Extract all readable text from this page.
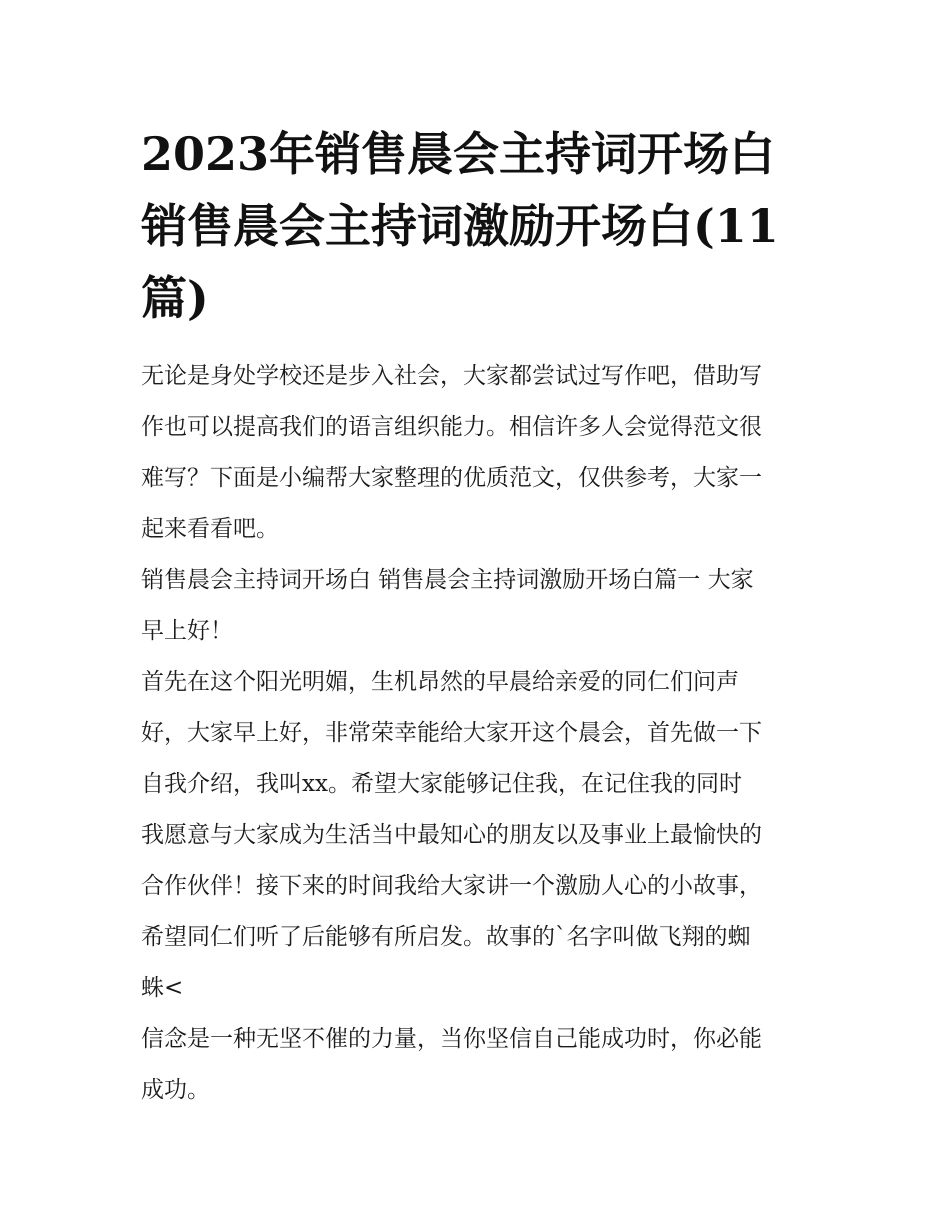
2023年销售晨会主持词开场白
销售晨会主持词激励开场白(11
篇)

无论是身处学校还是步入社会，大家都尝试过写作吧，借助写
作也可以提高我们的语言组织能力。相信许多人会觉得范文很
难写？下面是小编帮大家整理的优质范文，仅供参考，大家一
起来看看吧。

销售晨会主持词开场白 销售晨会主持词激励开场白篇一 大家
早上好！

首先在这个阳光明媚，生机昂然的早晨给亲爱的同仁们问声
好，大家早上好，非常荣幸能给大家开这个晨会，首先做一下
自我介绍，我叫xx。希望大家能够记住我，在记住我的同时
我愿意与大家成为生活当中最知心的朋友以及事业上最愉快的
合作伙伴！接下来的时间我给大家讲一个激励人心的小故事，
希望同仁们听了后能够有所启发。故事的`名字叫做飞翔的蜘
蛛<

信念是一种无坚不催的力量，当你坚信自己能成功时，你必能
成功。
